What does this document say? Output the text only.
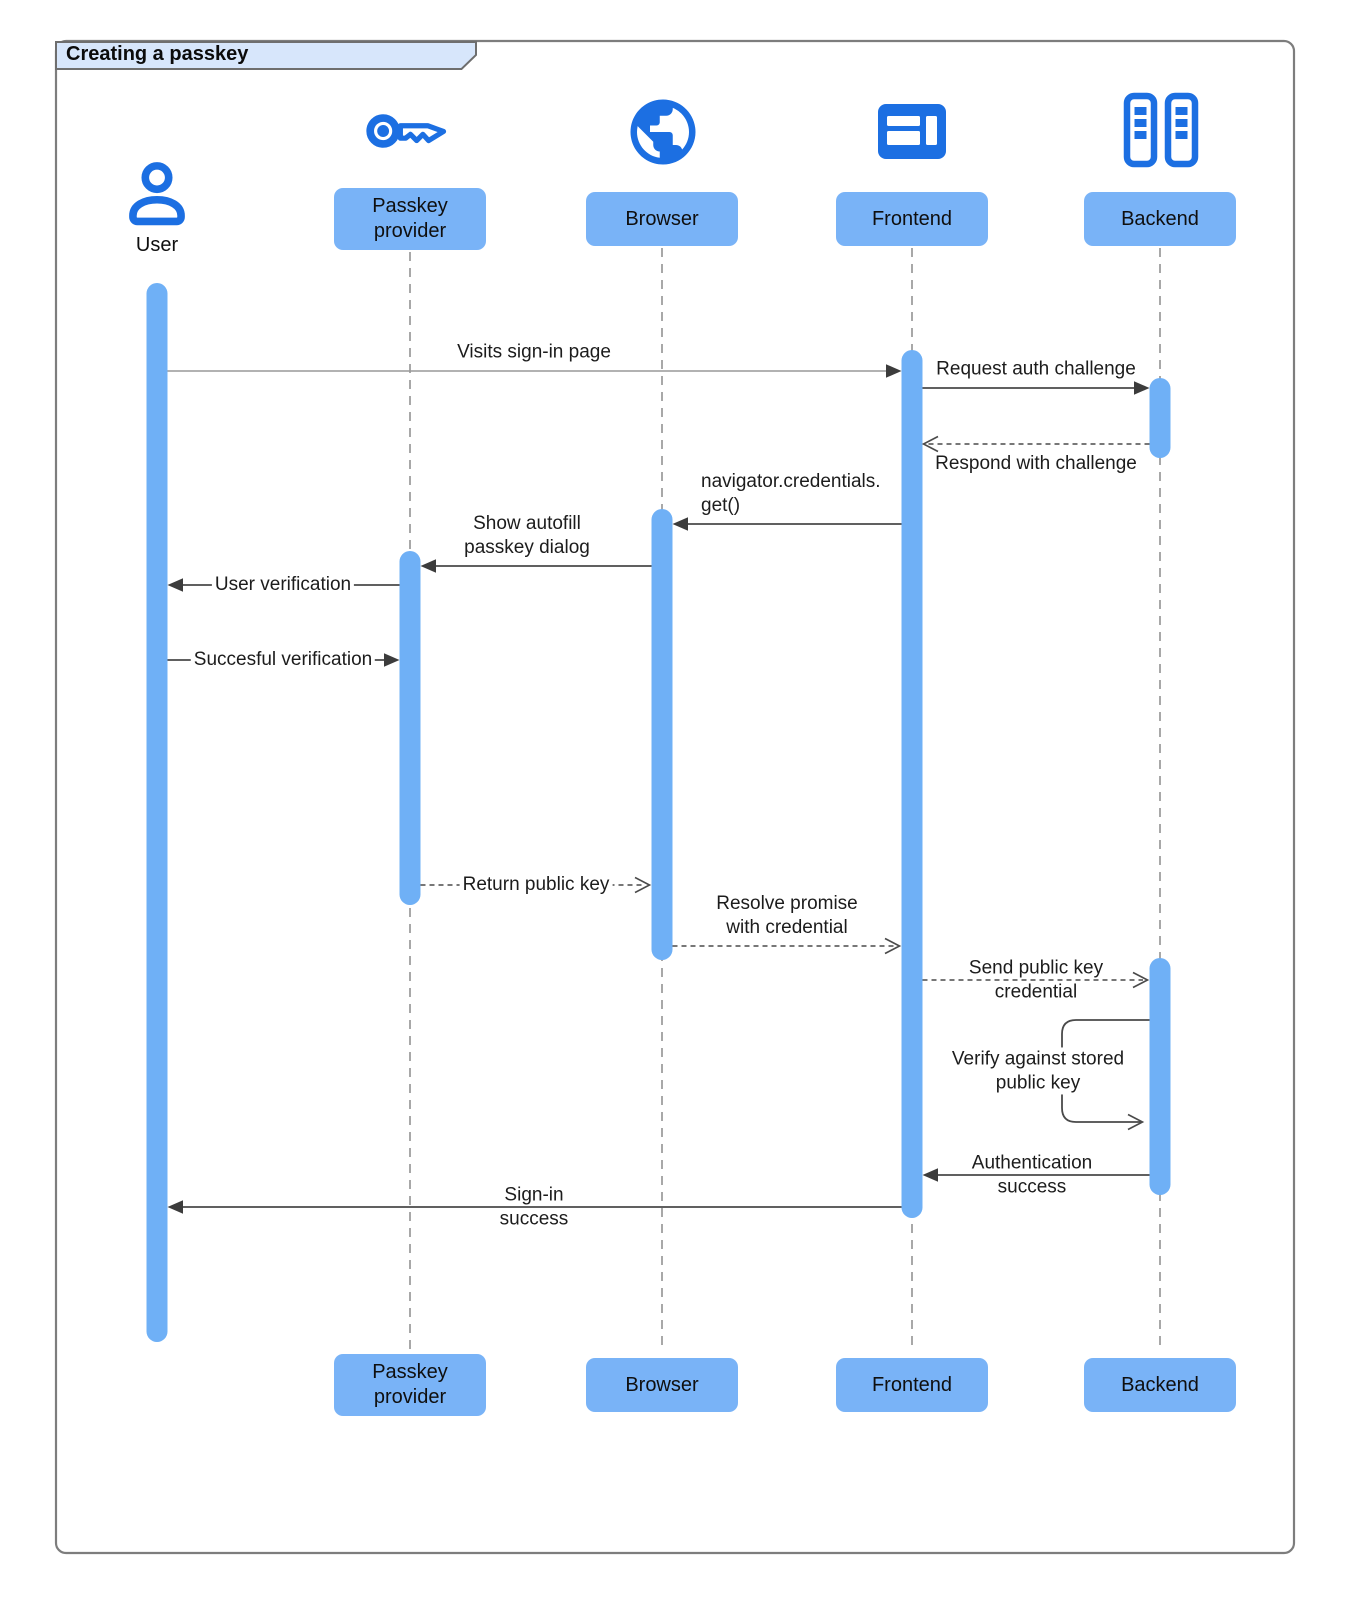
Creating a passkey
User
Passkey provider
Browser	Frontend	Backend
Passkey provider
Browser	Frontend	Backend
Visits sign-in page
Request auth challenge
Respond with challenge
navigator.credentials. get()
Show autofill passkey dialog
User verification
Succesful verification
Return public key
Resolve promise with credential
Send public key credential
Verify against stored public key
Authentication success
Sign-in success
